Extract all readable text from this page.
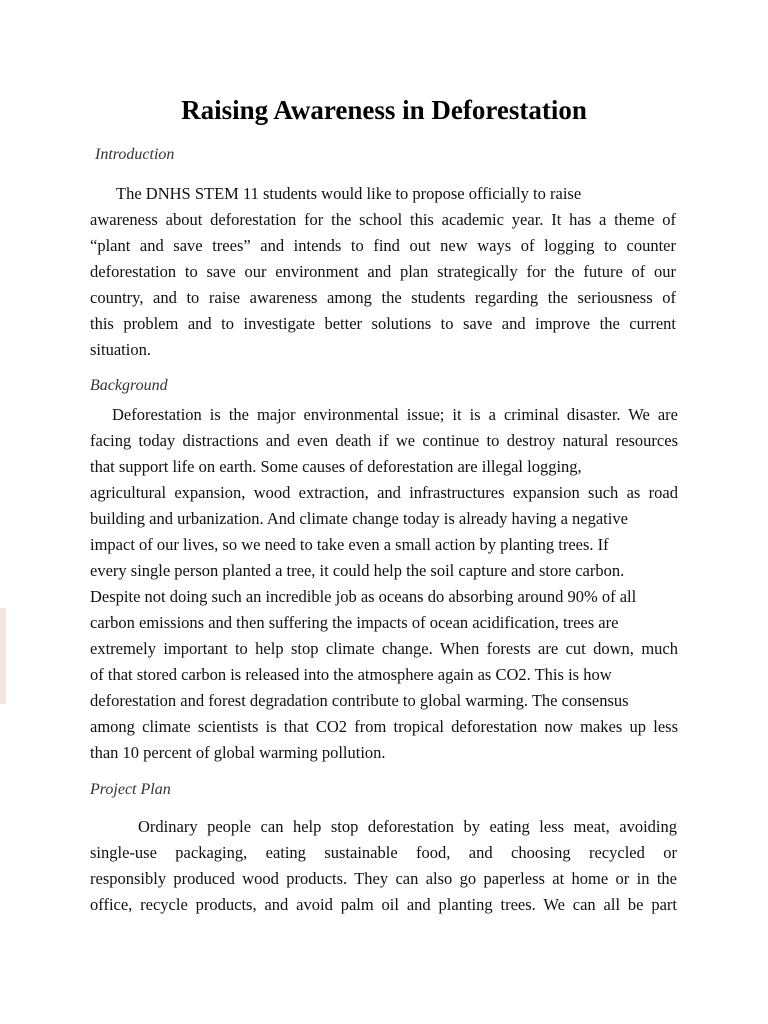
Raising Awareness in Deforestation
Introduction
The DNHS STEM 11 students would like to propose officially to raise
awareness about deforestation for the school this academic year. It has a theme of
“plant and save trees” and intends to find out new ways of logging to counter
deforestation to save our environment and plan strategically for the future of our
country, and to raise awareness among the students regarding the seriousness of
this problem and to investigate better solutions to save and improve the current
situation.
Background
Deforestation is the major environmental issue; it is a criminal disaster. We are
facing today distractions and even death if we continue to destroy natural resources
that support life on earth. Some causes of deforestation are illegal logging,
agricultural expansion, wood extraction, and infrastructures expansion such as road
building and urbanization. And climate change today is already having a negative
impact of our lives, so we need to take even a small action by planting trees. If
every single person planted a tree, it could help the soil capture and store carbon.
Despite not doing such an incredible job as oceans do absorbing around 90% of all
carbon emissions and then suffering the impacts of ocean acidification, trees are
extremely important to help stop climate change. When forests are cut down, much
of that stored carbon is released into the atmosphere again as CO2. This is how
deforestation and forest degradation contribute to global warming. The consensus
among climate scientists is that CO2 from tropical deforestation now makes up less
than 10 percent of global warming pollution.
Project Plan
Ordinary people can help stop deforestation by eating less meat, avoiding
single-use packaging, eating sustainable food, and choosing recycled or
responsibly produced wood products. They can also go paperless at home or in the
office, recycle products, and avoid palm oil and planting trees. We can all be part
